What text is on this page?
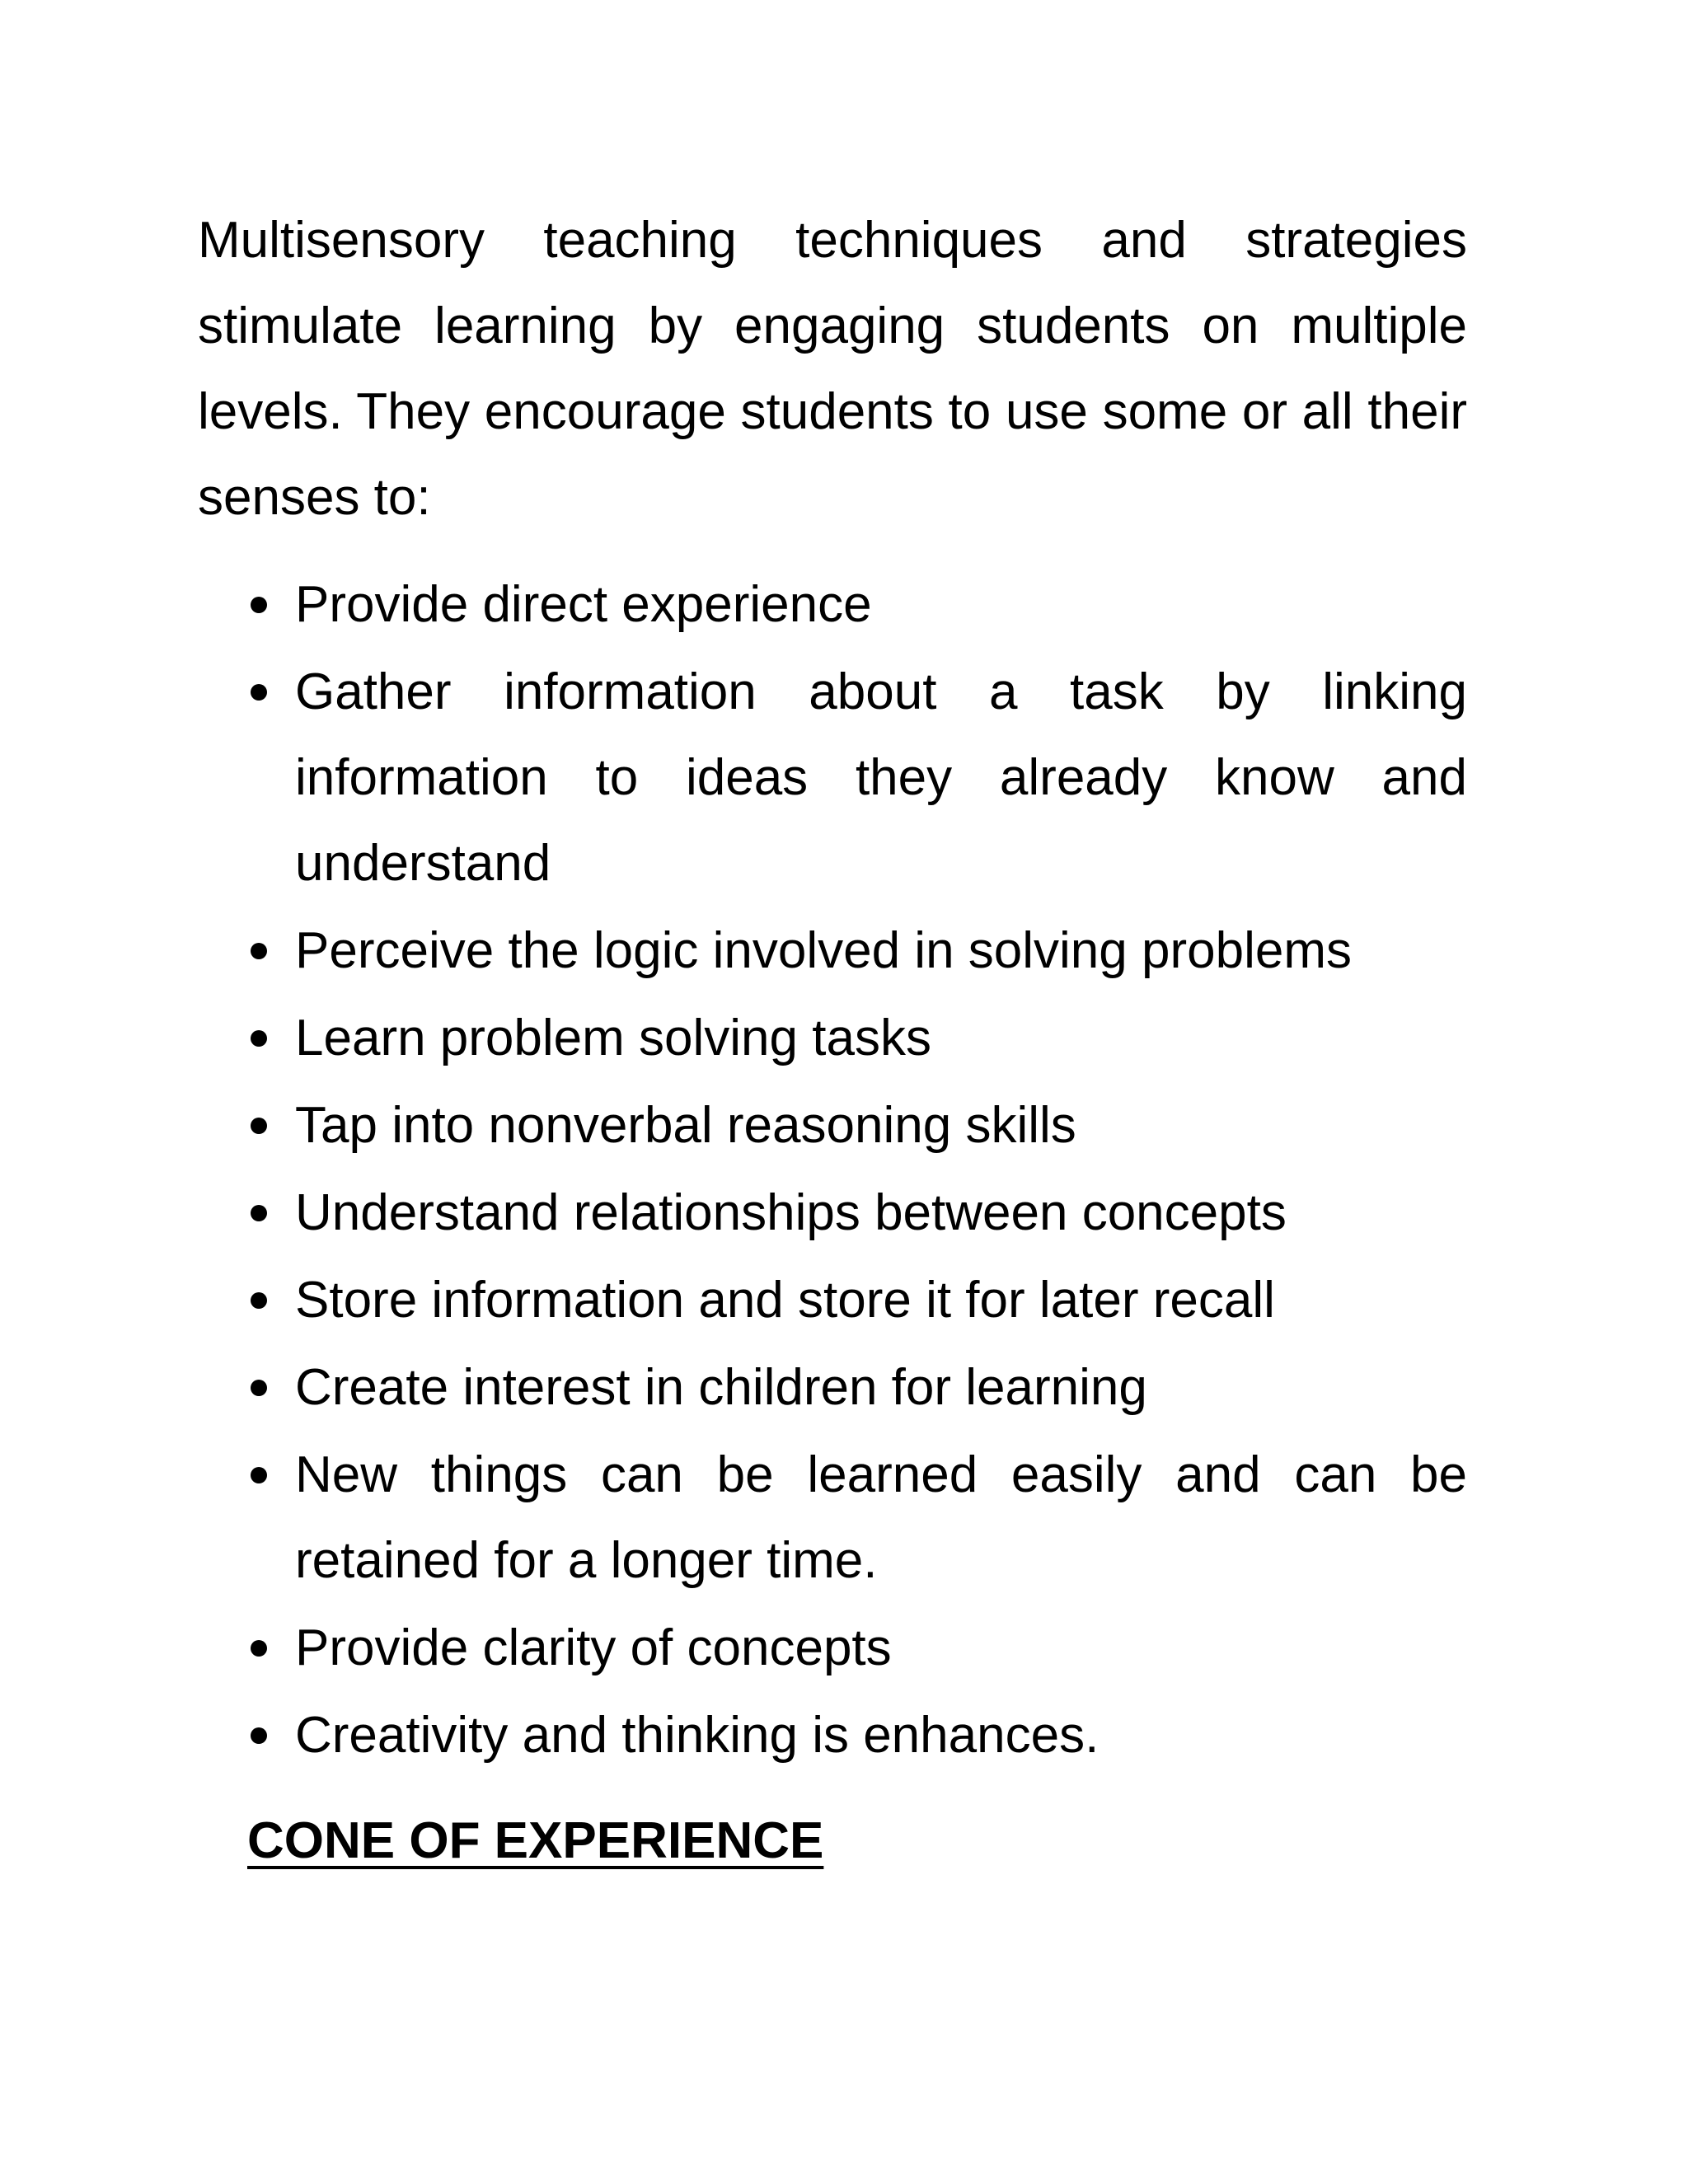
Multisensory teaching techniques and strategies stimulate learning by engaging students on multiple levels. They encourage students to use some or all their senses to:

Provide direct experience
Gather information about a task by linking information to ideas they already know and understand
Perceive the logic involved in solving problems
Learn problem solving tasks
Tap into nonverbal reasoning skills
Understand relationships between concepts
Store information and store it for later recall
Create interest in children for learning
New things can be learned easily and can be retained for a longer time.
Provide clarity of concepts
Creativity and thinking is enhances.
CONE OF EXPERIENCE
